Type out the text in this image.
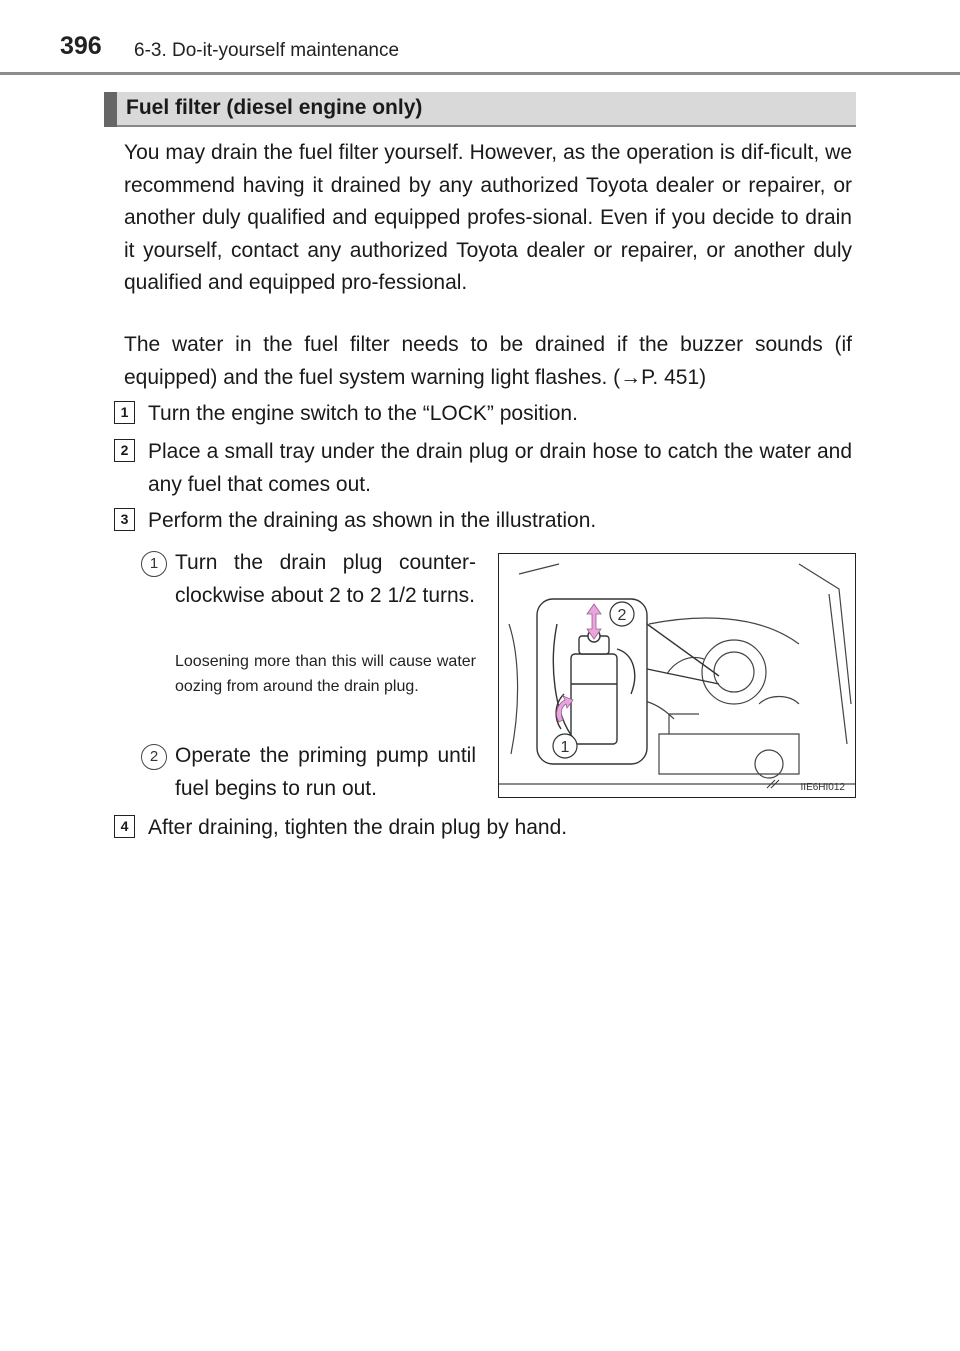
396 6-3. Do-it-yourself maintenance
Fuel filter (diesel engine only)
You may drain the fuel filter yourself. However, as the operation is dif-ficult, we recommend having it drained by any authorized Toyota dealer or repairer, or another duly qualified and equipped profes-sional. Even if you decide to drain it yourself, contact any authorized Toyota dealer or repairer, or another duly qualified and equipped pro-fessional.
The water in the fuel filter needs to be drained if the buzzer sounds (if equipped) and the fuel system warning light flashes. (→P. 451)
1 Turn the engine switch to the “LOCK” position.
2 Place a small tray under the drain plug or drain hose to catch the water and any fuel that comes out.
3 Perform the draining as shown in the illustration.
1 Turn the drain plug counter-clockwise about 2 to 2 1/2 turns.
Loosening more than this will cause water oozing from around the drain plug.
2 Operate the priming pump until fuel begins to run out.
2
1
IIE6HI012
4 After draining, tighten the drain plug by hand.
